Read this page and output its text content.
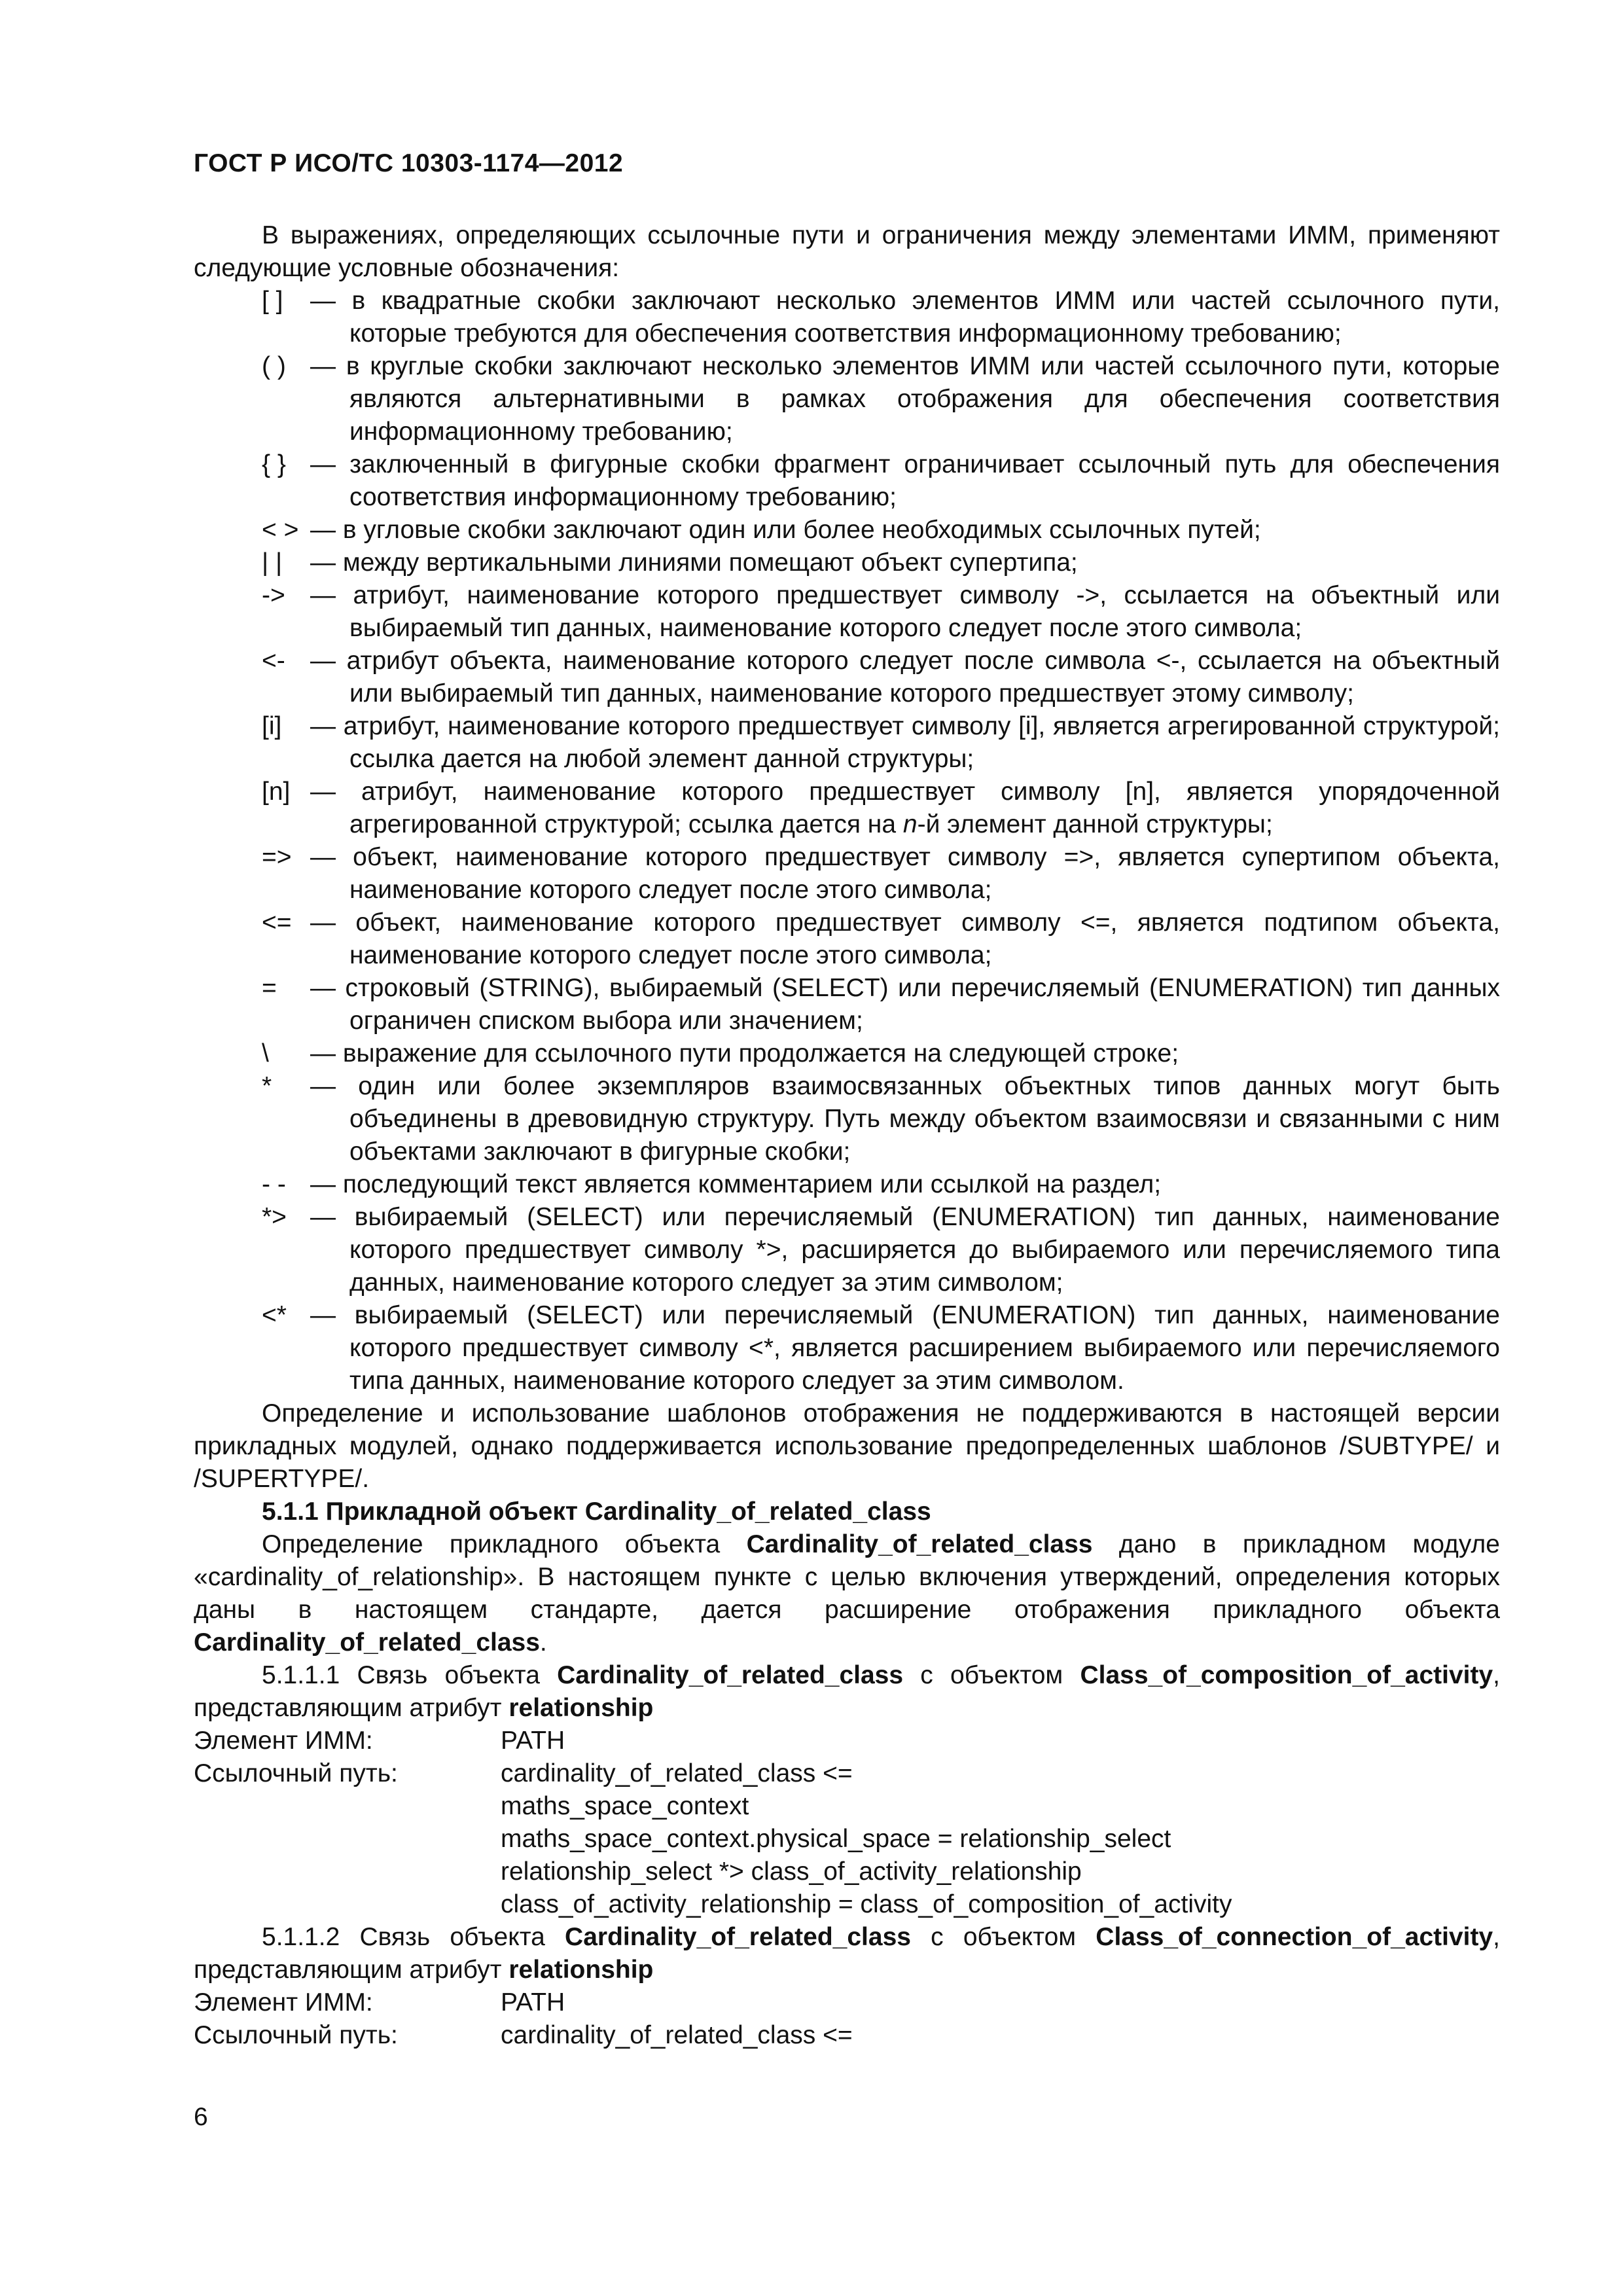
ГОСТ Р ИСО/ТС 10303-1174—2012

В выражениях, определяющих ссылочные пути и ограничения между элементами ИММ, применяют следующие условные обозначения:

[ ]	— в квадратные скобки заключают несколько элементов ИММ или частей ссылочного пути, которые требуются для обеспечения соответствия информационному требованию;
( ) — в круглые скобки заключают несколько элементов ИММ или частей ссылочного пути, которые являются альтернативными в рамках отображения для обеспечения соответствия информационному требованию;
{ } — заключенный в фигурные скобки фрагмент ограничивает ссылочный путь для обеспечения соответствия информационному требованию;
< > — в угловые скобки заключают один или более необходимых ссылочных путей;
| |	— между вертикальными линиями помещают объект супертипа;
-> — атрибут, наименование которого предшествует символу ->, ссылается на объектный или выбираемый тип данных, наименование которого следует после этого символа;
<- — атрибут объекта, наименование которого следует после символа <-, ссылается на объектный или выбираемый тип данных, наименование которого предшествует этому символу;
[i]	— атрибут, наименование которого предшествует символу [i], является агрегированной структурой; ссылка дается на любой элемент данной структуры;
[n] — атрибут, наименование которого предшествует символу [n], является упорядоченной агрегированной структурой; ссылка дается на n-й элемент данной структуры;
=> — объект, наименование которого предшествует символу =>, является супертипом объекта, наименование которого следует после этого символа;
<= — объект, наименование которого предшествует символу <=, является подтипом объекта, наименование которого следует после этого символа;
=	— строковый (STRING), выбираемый (SELECT) или перечисляемый (ENUMERATION) тип данных ограничен списком выбора или значением;
\	— выражение для ссылочного пути продолжается на следующей строке;
*	— один или более экземпляров взаимосвязанных объектных типов данных могут быть объединены в древовидную структуру. Путь между объектом взаимосвязи и связанными с ним объектами заключают в фигурные скобки;
- - — последующий текст является комментарием или ссылкой на раздел;
*> — выбираемый (SELECT) или перечисляемый (ENUMERATION) тип данных, наименование которого предшествует символу *>, расширяется до выбираемого или перечисляемого типа данных, наименование которого следует за этим символом;
<* — выбираемый (SELECT) или перечисляемый (ENUMERATION) тип данных, наименование которого предшествует символу <*, является расширением выбираемого или перечисляемого типа данных, наименование которого следует за этим символом.

Определение и использование шаблонов отображения не поддерживаются в настоящей версии прикладных модулей, однако поддерживается использование предопределенных шаблонов /SUBTYPE/ и /SUPERTYPE/.

5.1.1 Прикладной объект Cardinality_of_related_class

Определение прикладного объекта Cardinality_of_related_class дано в прикладном модуле «cardinality_of_relationship». В настоящем пункте с целью включения утверждений, определения которых даны в настоящем стандарте, дается расширение отображения прикладного объекта Cardinality_of_related_class.

5.1.1.1 Связь объекта Cardinality_of_related_class с объектом Class_of_composition_of_activity, представляющим атрибут relationship

Элемент ИММ:	PATH
Ссылочный путь:	cardinality_of_related_class <=
maths_space_context
maths_space_context.physical_space = relationship_select
relationship_select *> class_of_activity_relationship
class_of_activity_relationship = class_of_composition_of_activity

5.1.1.2 Связь объекта Cardinality_of_related_class с объектом Class_of_connection_of_activity, представляющим атрибут relationship

Элемент ИММ:	PATH
Ссылочный путь:	cardinality_of_related_class <=
6
